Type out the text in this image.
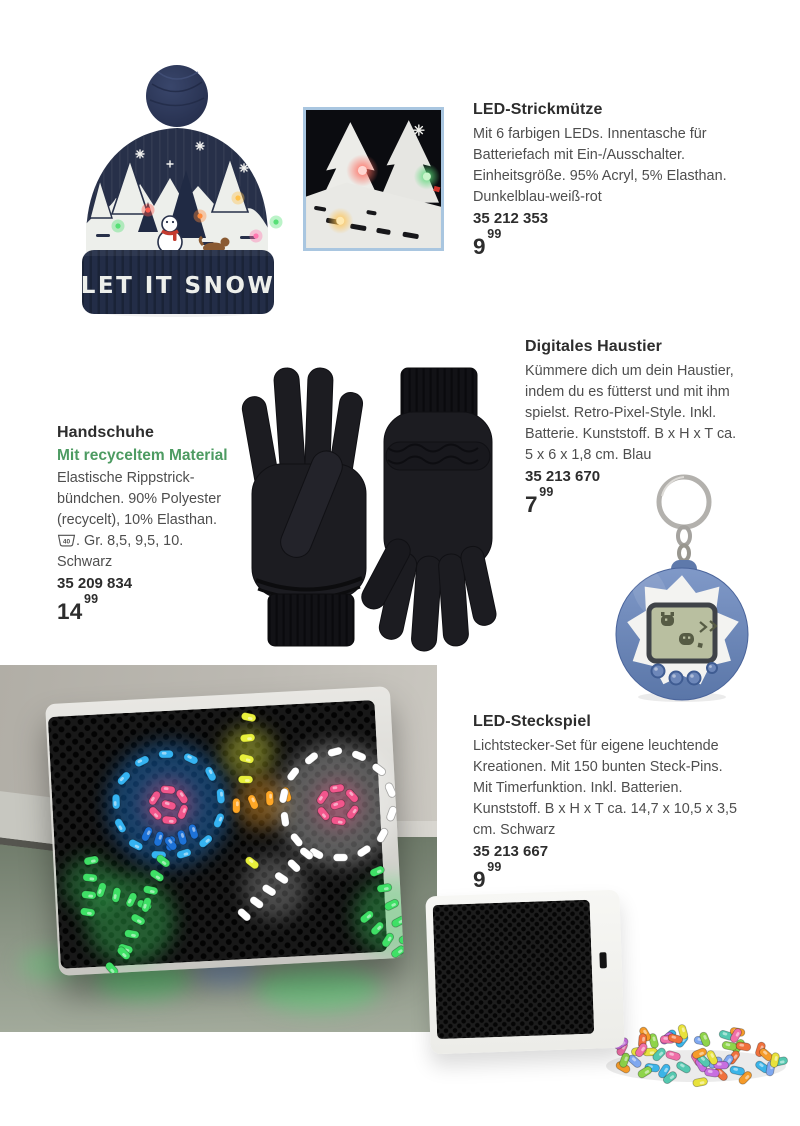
LET IT SNOW
LED-Strickmütze

Mit 6 farbigen LEDs. Innentasche für Batteriefach mit Ein-/Ausschalter. Einheitsgröße. 95% Acryl, 5% Elasthan. Dunkelblau-weiß-rot

35 212 353

9 $^{99}$

Handschuhe

Mit recyceltem Material

Elastische Rippstrick-bündchen. 90% Polyester (recycelt), 10% Elasthan.
40 . Gr. 8,5, 9,5, 10. Schwarz

35 209 834

14 $^{99}$

Digitales Haustier

Kümmere dich um dein Haustier, indem du es fütterst und mit ihm spielst. Retro-Pixel-Style. Inkl. Batterie. Kunststoff. B x H x T ca. 5 x 6 x 1,8 cm. Blau

35 213 670

7 $^{99}$

LED-Steckspiel

Lichtstecker-Set für eigene leuchtende Kreationen. Mit 150 bunten Steck-Pins. Mit Timerfunktion. Inkl. Batterien. Kunststoff. B x H x T ca. 14,7 x 10,5 x 3,5 cm. Schwarz

35 213 667

9 $^{99}$
